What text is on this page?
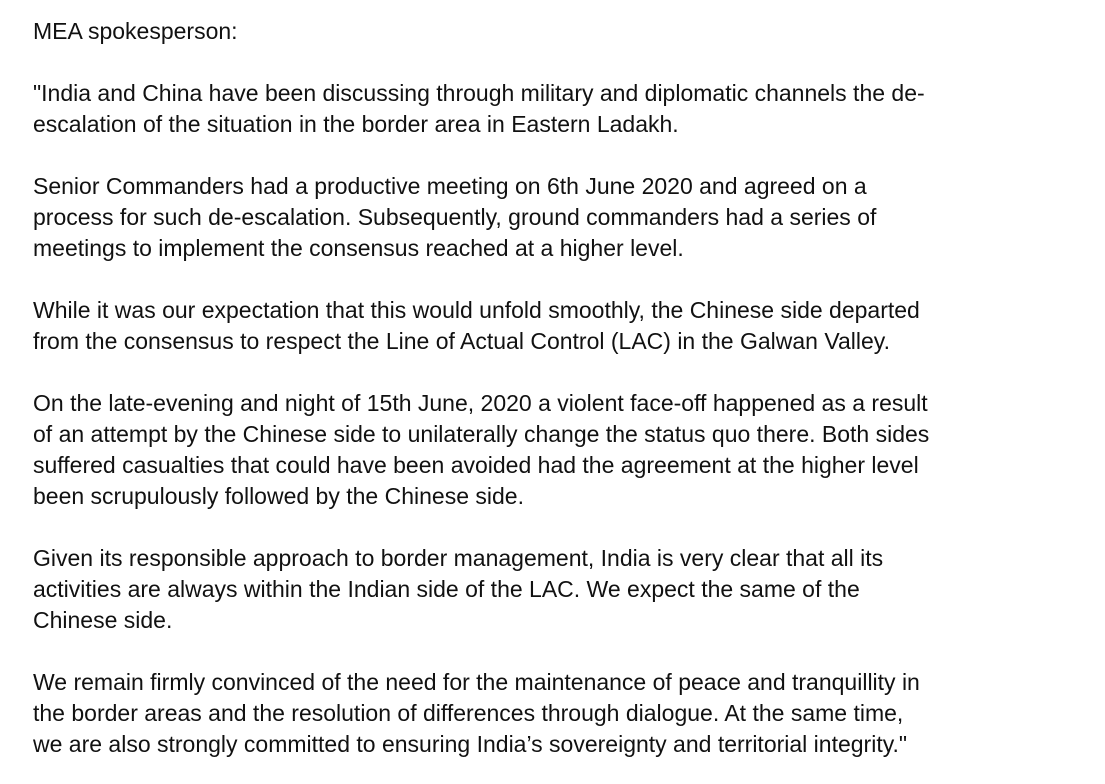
MEA spokesperson:

"India and China have been discussing through military and diplomatic channels the de-
escalation of the situation in the border area in Eastern Ladakh.

Senior Commanders had a productive meeting on 6th June 2020 and agreed on a
process for such de-escalation. Subsequently, ground commanders had a series of
meetings to implement the consensus reached at a higher level.

While it was our expectation that this would unfold smoothly, the Chinese side departed
from the consensus to respect the Line of Actual Control (LAC) in the Galwan Valley.

On the late-evening and night of 15th June, 2020 a violent face-off happened as a result
of an attempt by the Chinese side to unilaterally change the status quo there. Both sides
suffered casualties that could have been avoided had the agreement at the higher level
been scrupulously followed by the Chinese side.

Given its responsible approach to border management, India is very clear that all its
activities are always within the Indian side of the LAC. We expect the same of the
Chinese side.

We remain firmly convinced of the need for the maintenance of peace and tranquillity in
the border areas and the resolution of differences through dialogue. At the same time,
we are also strongly committed to ensuring India’s sovereignty and territorial integrity."
